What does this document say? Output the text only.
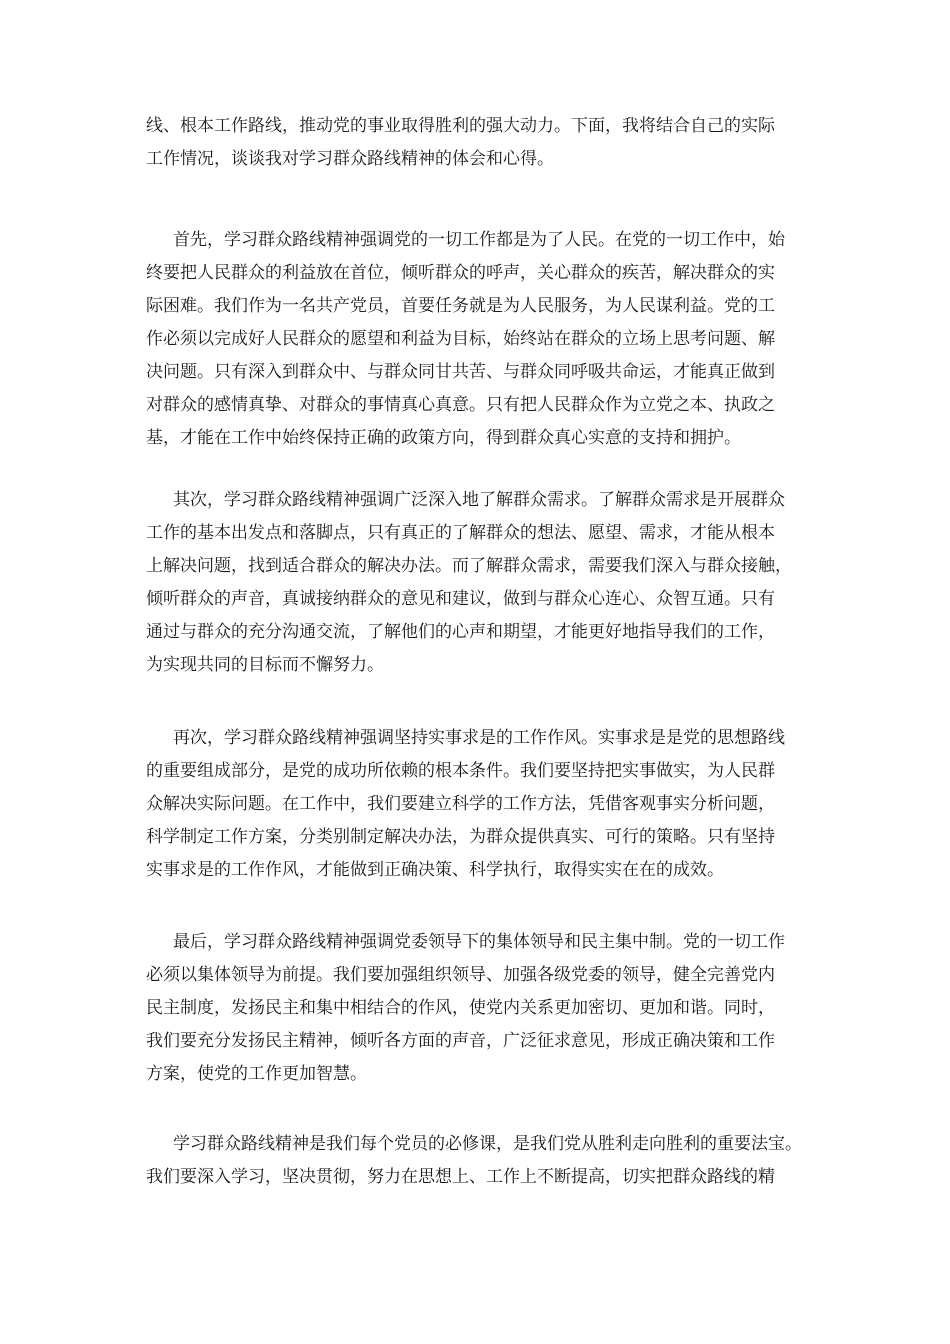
线、根本工作路线，推动党的事业取得胜利的强大动力。下面，我将结合自己的实际
工作情况，谈谈我对学习群众路线精神的体会和心得。
首先，学习群众路线精神强调党的一切工作都是为了人民。在党的一切工作中，始
终要把人民群众的利益放在首位，倾听群众的呼声，关心群众的疾苦，解决群众的实
际困难。我们作为一名共产党员，首要任务就是为人民服务，为人民谋利益。党的工
作必须以完成好人民群众的愿望和利益为目标，始终站在群众的立场上思考问题、解
决问题。只有深入到群众中、与群众同甘共苦、与群众同呼吸共命运，才能真正做到
对群众的感情真挚、对群众的事情真心真意。只有把人民群众作为立党之本、执政之
基，才能在工作中始终保持正确的政策方向，得到群众真心实意的支持和拥护。
其次，学习群众路线精神强调广泛深入地了解群众需求。了解群众需求是开展群众
工作的基本出发点和落脚点，只有真正的了解群众的想法、愿望、需求，才能从根本
上解决问题，找到适合群众的解决办法。而了解群众需求，需要我们深入与群众接触，
倾听群众的声音，真诚接纳群众的意见和建议，做到与群众心连心、众智互通。只有
通过与群众的充分沟通交流，了解他们的心声和期望，才能更好地指导我们的工作，
为实现共同的目标而不懈努力。
再次，学习群众路线精神强调坚持实事求是的工作作风。实事求是是党的思想路线
的重要组成部分，是党的成功所依赖的根本条件。我们要坚持把实事做实，为人民群
众解决实际问题。在工作中，我们要建立科学的工作方法，凭借客观事实分析问题，
科学制定工作方案，分类别制定解决办法，为群众提供真实、可行的策略。只有坚持
实事求是的工作作风，才能做到正确决策、科学执行，取得实实在在的成效。
最后，学习群众路线精神强调党委领导下的集体领导和民主集中制。党的一切工作
必须以集体领导为前提。我们要加强组织领导、加强各级党委的领导，健全完善党内
民主制度，发扬民主和集中相结合的作风，使党内关系更加密切、更加和谐。同时，
我们要充分发扬民主精神，倾听各方面的声音，广泛征求意见，形成正确决策和工作
方案，使党的工作更加智慧。
学习群众路线精神是我们每个党员的必修课，是我们党从胜利走向胜利的重要法宝。
我们要深入学习，坚决贯彻，努力在思想上、工作上不断提高，切实把群众路线的精
